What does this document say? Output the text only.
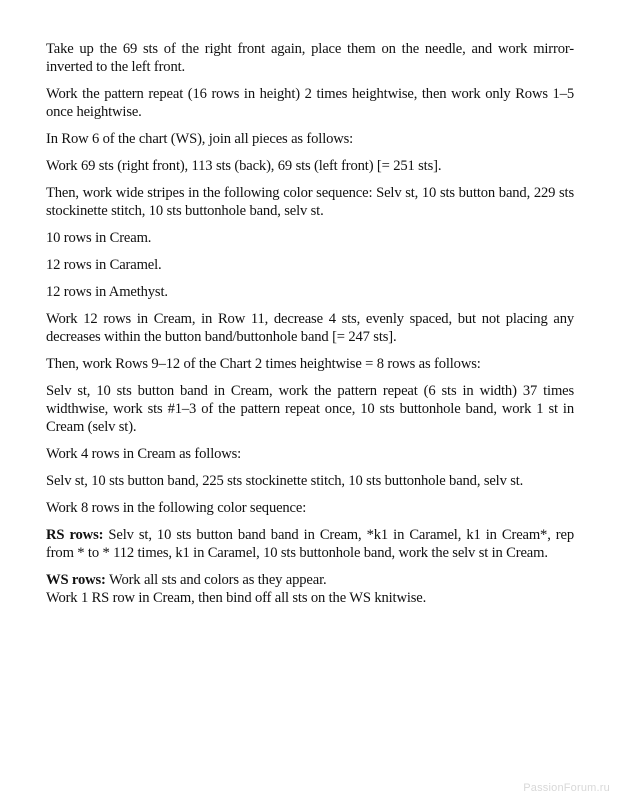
Take up the 69 sts of the right front again, place them on the needle, and work mirror-inverted to the left front.

Work the pattern repeat (16 rows in height) 2 times heightwise, then work only Rows 1–5 once heightwise.

In Row 6 of the chart (WS), join all pieces as follows:

Work 69 sts (right front), 113 sts (back), 69 sts (left front) [= 251 sts].

Then, work wide stripes in the following color sequence: Selv st, 10 sts button band, 229 sts stockinette stitch, 10 sts buttonhole band, selv st.

10 rows in Cream.

12 rows in Caramel.

12 rows in Amethyst.

Work 12 rows in Cream, in Row 11, decrease 4 sts, evenly spaced, but not placing any decreases within the button band/buttonhole band [= 247 sts].

Then, work Rows 9–12 of the Chart 2 times heightwise = 8 rows as follows:

Selv st, 10 sts button band in Cream, work the pattern repeat (6 sts in width) 37 times widthwise, work sts #1–3 of the pattern repeat once, 10 sts buttonhole band, work 1 st in Cream (selv st).

Work 4 rows in Cream as follows:

Selv st, 10 sts button band, 225 sts stockinette stitch, 10 sts buttonhole band, selv st.

Work 8 rows in the following color sequence:

RS rows: Selv st, 10 sts button band band in Cream, *k1 in Caramel, k1 in Cream*, rep from * to * 112 times, k1 in Caramel, 10 sts buttonhole band, work the selv st in Cream.

WS rows: Work all sts and colors as they appear.

Work 1 RS row in Cream, then bind off all sts on the WS knitwise.

PassionForum.ru
